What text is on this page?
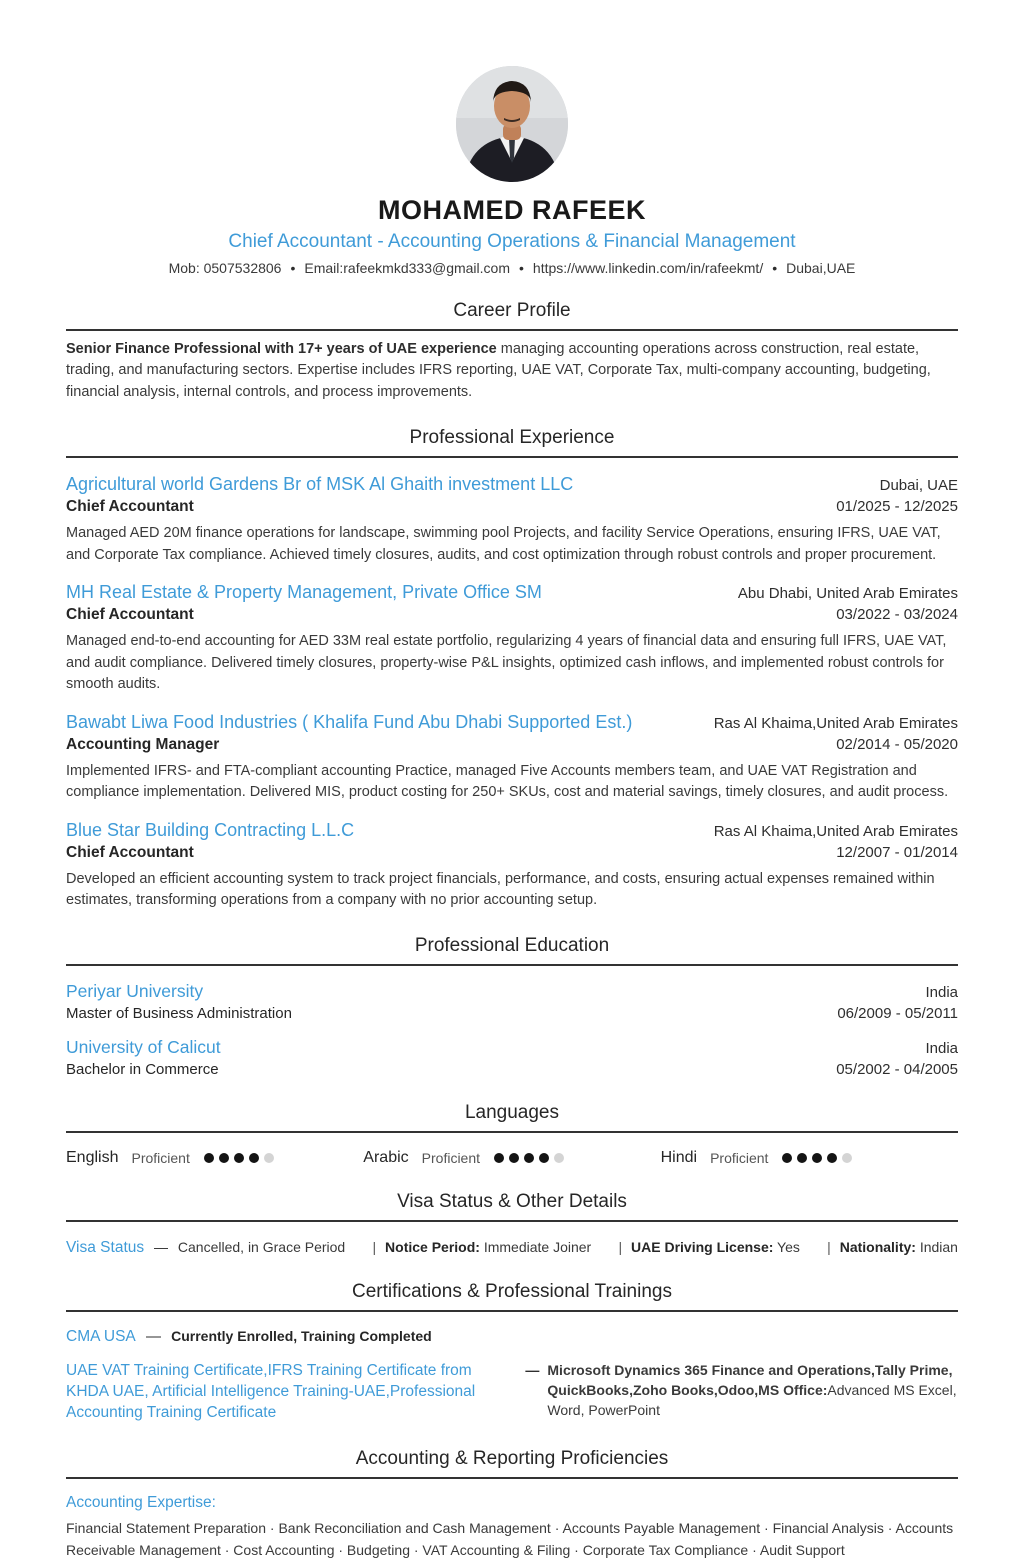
MOHAMED RAFEEK
Chief Accountant - Accounting Operations & Financial Management
Mob: 0507532806 • Email:rafeekmkd333@gmail.com • https://www.linkedin.com/in/rafeekmt/ • Dubai,UAE
Career Profile

Senior Finance Professional with 17+ years of UAE experience managing accounting operations across construction, real estate, trading, and manufacturing sectors. Expertise includes IFRS reporting, UAE VAT, Corporate Tax, multi-company accounting, budgeting, financial analysis, internal controls, and process improvements.

Professional Experience
Agricultural world Gardens Br of MSK Al Ghaith investment LLC	Dubai, UAE
Chief Accountant	01/2025 - 12/2025

Managed AED 20M finance operations for landscape, swimming pool Projects, and facility Service Operations, ensuring IFRS, UAE VAT, and Corporate Tax compliance. Achieved timely closures, audits, and cost optimization through robust controls and proper procurement.

MH Real Estate & Property Management, Private Office SM	Abu Dhabi, United Arab Emirates
Chief Accountant	03/2022 - 03/2024

Managed end-to-end accounting for AED 33M real estate portfolio, regularizing 4 years of financial data and ensuring full IFRS, UAE VAT, and audit compliance. Delivered timely closures, property-wise P&L insights, optimized cash inflows, and implemented robust controls for smooth audits.

Bawabt Liwa Food Industries ( Khalifa Fund Abu Dhabi Supported Est.)	Ras Al Khaima,United Arab Emirates
Accounting Manager	02/2014 - 05/2020

Implemented IFRS- and FTA-compliant accounting Practice, managed Five Accounts members team, and UAE VAT Registration and compliance implementation. Delivered MIS, product costing for 250+ SKUs, cost and material savings, timely closures, and audit process.

Blue Star Building Contracting L.L.C	Ras Al Khaima,United Arab Emirates
Chief Accountant	12/2007 - 01/2014

Developed an efficient accounting system to track project financials, performance, and costs, ensuring actual expenses remained within estimates, transforming operations from a company with no prior accounting setup.

Professional Education
Periyar University	India
Master of Business Administration	06/2009 - 05/2011
University of Calicut	India
Bachelor in Commerce	05/2002 - 04/2005
Languages
English Proficient	Arabic Proficient	Hindi Proficient
Visa Status & Other Details
Visa Status — Cancelled, in Grace Period | Notice Period: Immediate Joiner | UAE Driving License: Yes | Nationality: Indian
Certifications & Professional Trainings
CMA USA — Currently Enrolled, Training Completed
UAE VAT Training Certificate,IFRS Training Certificate from KHDA UAE, Artificial Intelligence Training-UAE,Professional Accounting Training Certificate
— Microsoft Dynamics 365 Finance and Operations,Tally Prime, QuickBooks,Zoho Books,Odoo,MS Office:Advanced MS Excel, Word, PowerPoint
Accounting & Reporting Proficiencies
Accounting Expertise:

Financial Statement Preparation · Bank Reconciliation and Cash Management · Accounts Payable Management · Financial Analysis · Accounts Receivable Management · Cost Accounting · Budgeting · VAT Accounting & Filing · Corporate Tax Compliance · Audit Support
